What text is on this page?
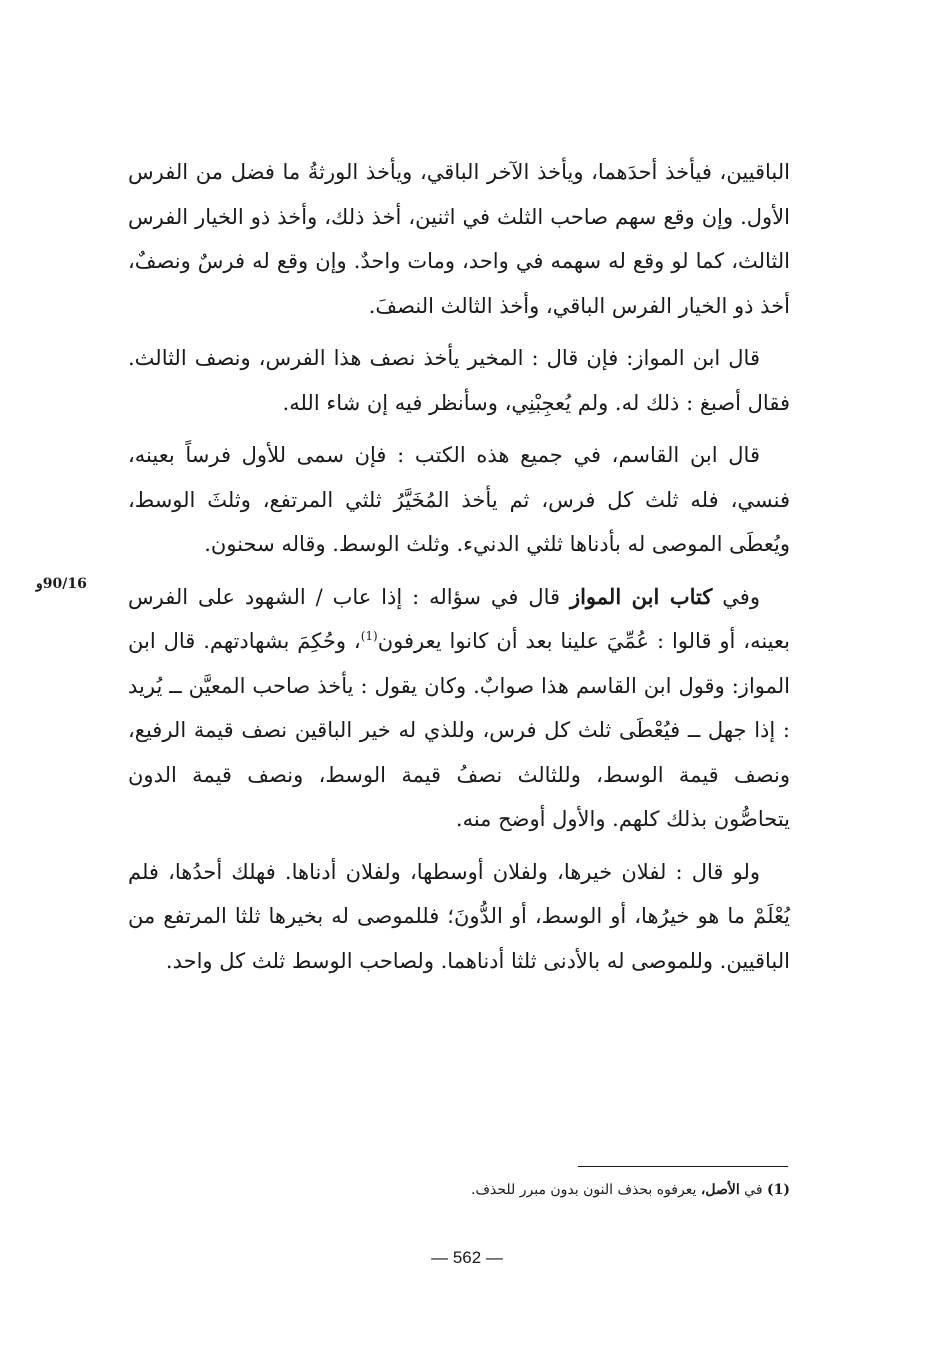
الباقيين، فيأخذ أحدَهما، ويأخذ الآخر الباقي، ويأخذ الورثةُ ما فضل من الفرس الأول. وإن وقع سهم صاحب الثلث في اثنين، أخذ ذلك، وأخذ ذو الخيار الفرس الثالث، كما لو وقع له سهمه في واحد، ومات واحدٌ. وإن وقع له فرسٌ ونصفٌ، أخذ ذو الخيار الفرس الباقي، وأخذ الثالث النصفَ.

قال ابن المواز: فإن قال : المخير يأخذ نصف هذا الفرس، ونصف الثالث. فقال أصبغ : ذلك له. ولم يُعجِبْنِي، وسأنظر فيه إن شاء الله.

قال ابن القاسم، في جميع هذه الكتب : فإن سمى للأول فرساً بعينه، فنسي، فله ثلث كل فرس، ثم يأخذ المُخَيَّرُ ثلثي المرتفع، وثلثَ الوسط، ويُعطَى الموصى له بأدناها ثلثي الدنيء. وثلث الوسط. وقاله سحنون.

وفي كتاب ابن المواز قال في سؤاله : إذا عاب / الشهود على الفرس بعينه، أو قالوا : عُمِّيَ علينا بعد أن كانوا يعرفون$^{(1)}$، وحُكِمَ بشهادتهم. قال ابن المواز: وقول ابن القاسم هذا صوابٌ. وكان يقول : يأخذ صاحب المعيَّن ــ يُريد : إذا جهل ــ فيُعْطَى ثلث كل فرس، وللذي له خير الباقين نصف قيمة الرفيع، ونصف قيمة الوسط، وللثالث نصفُ قيمة الوسط، ونصف قيمة الدون يتحاصُّون بذلك كلهم. والأول أوضح منه.

ولو قال : لفلان خيرها، ولفلان أوسطها، ولفلان أدناها. فهلك أحدُها، فلم يُعْلَمْ ما هو خيرُها، أو الوسط، أو الدُّونَ؛ فللموصى له بخيرها ثلثا المرتفع من الباقيين. وللموصى له بالأدنى ثلثا أدناهما. ولصاحب الوسط ثلث كل واحد.

90/16و
(1) في الأصل، يعرفوه بحذف النون بدون مبرر للحذف.
— 562 —
